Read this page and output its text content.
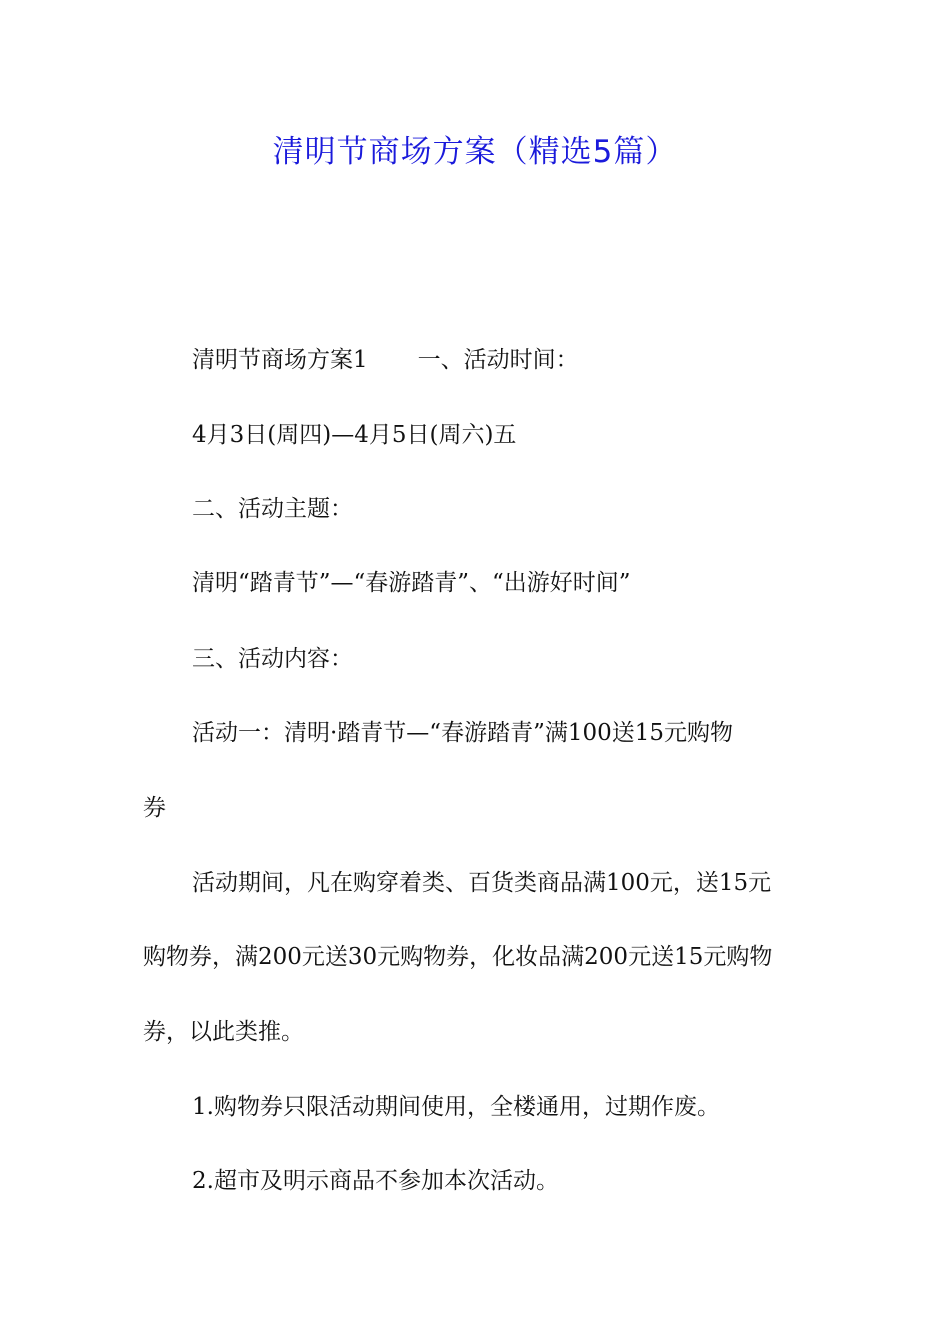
清明节商场方案（精选5篇）
清明节商场方案1 一、活动时间：
4月3日(周四)—4月5日(周六)五
二、活动主题：
清明“踏青节”—“春游踏青”、“出游好时间”
三、活动内容：
活动一：清明·踏青节—“春游踏青”满100送15元购物
券
活动期间，凡在购穿着类、百货类商品满100元，送15元
购物券，满200元送30元购物券，化妆品满200元送15元购物
券，以此类推。
1.购物券只限活动期间使用，全楼通用，过期作废。
2.超市及明示商品不参加本次活动。
